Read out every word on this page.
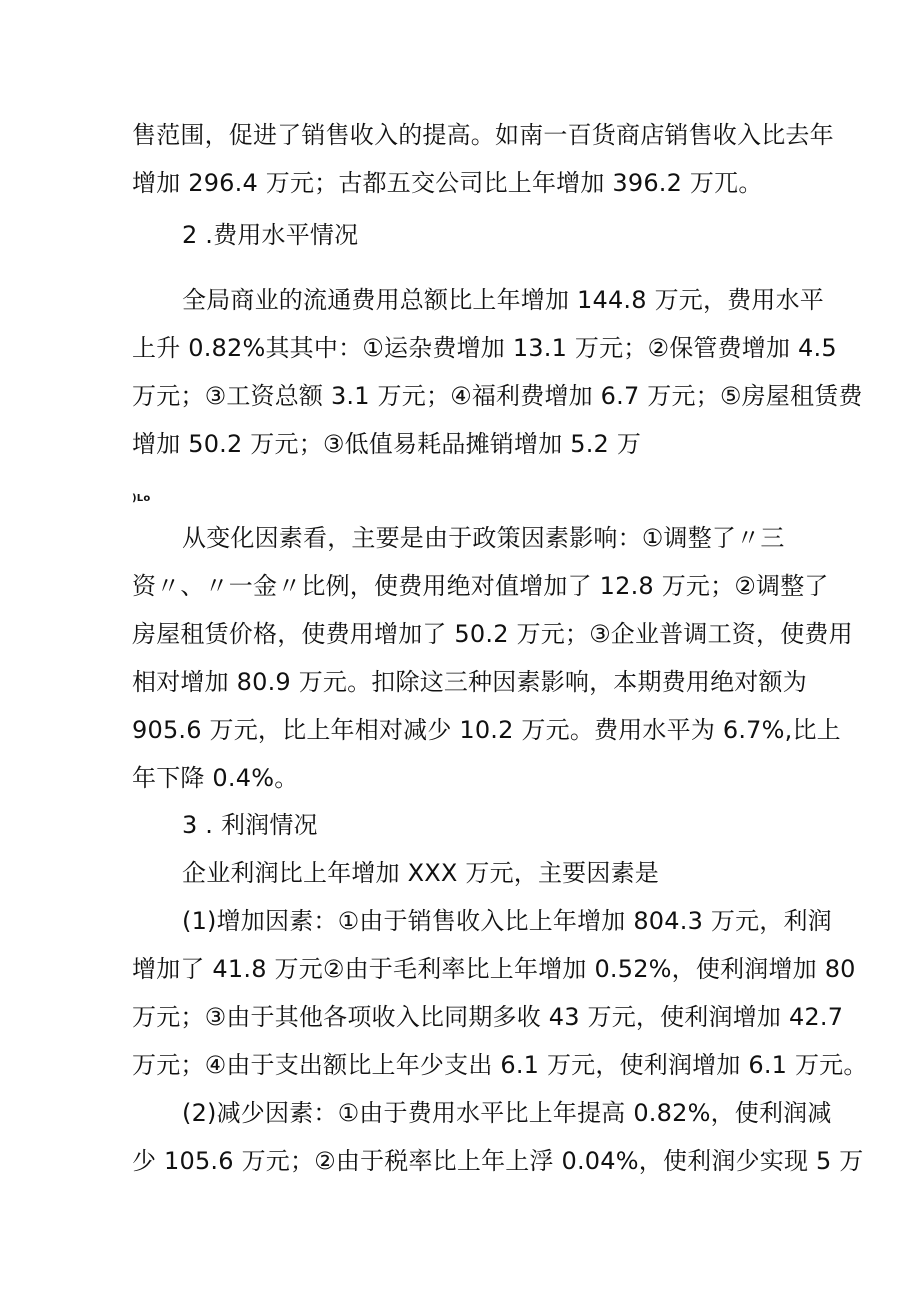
售范围，促进了销售收入的提高。如南一百货商店销售收入比去年
增加 296.4 万元；古都五交公司比上年增加 396.2 万兀。
2 .费用水平情况
全局商业的流通费用总额比上年增加 144.8 万元，费用水平
上升 0.82%其其中：①运杂费增加 13.1 万元；②保管费增加 4.5
万元；③工资总额 3.1 万元；④福利费增加 6.7 万元；⑤房屋租赁费
增加 50.2 万元；③低值易耗品摊销增加 5.2 万
)Lo
从变化因素看，主要是由于政策因素影响：①调整了〃三
资〃、〃一金〃比例，使费用绝对值增加了 12.8 万元；②调整了
房屋租赁价格，使费用增加了 50.2 万元；③企业普调工资，使费用
相对增加 80.9 万元。扣除这三种因素影响，本期费用绝对额为
905.6 万元，比上年相对减少 10.2 万元。费用水平为 6.7%,比上
年下降 0.4%。
3 . 利润情况
企业利润比上年增加 XXX 万元，主要因素是
(1)增加因素：①由于销售收入比上年增加 804.3 万元，利润
增加了 41.8 万元②由于毛利率比上年增加 0.52%，使利润增加 80
万元；③由于其他各项收入比同期多收 43 万元，使利润增加 42.7
万元；④由于支出额比上年少支出 6.1 万元，使利润增加 6.1 万元。
(2)减少因素：①由于费用水平比上年提高 0.82%，使利润减
少 105.6 万元；②由于税率比上年上浮 0.04%，使利润少实现 5 万
